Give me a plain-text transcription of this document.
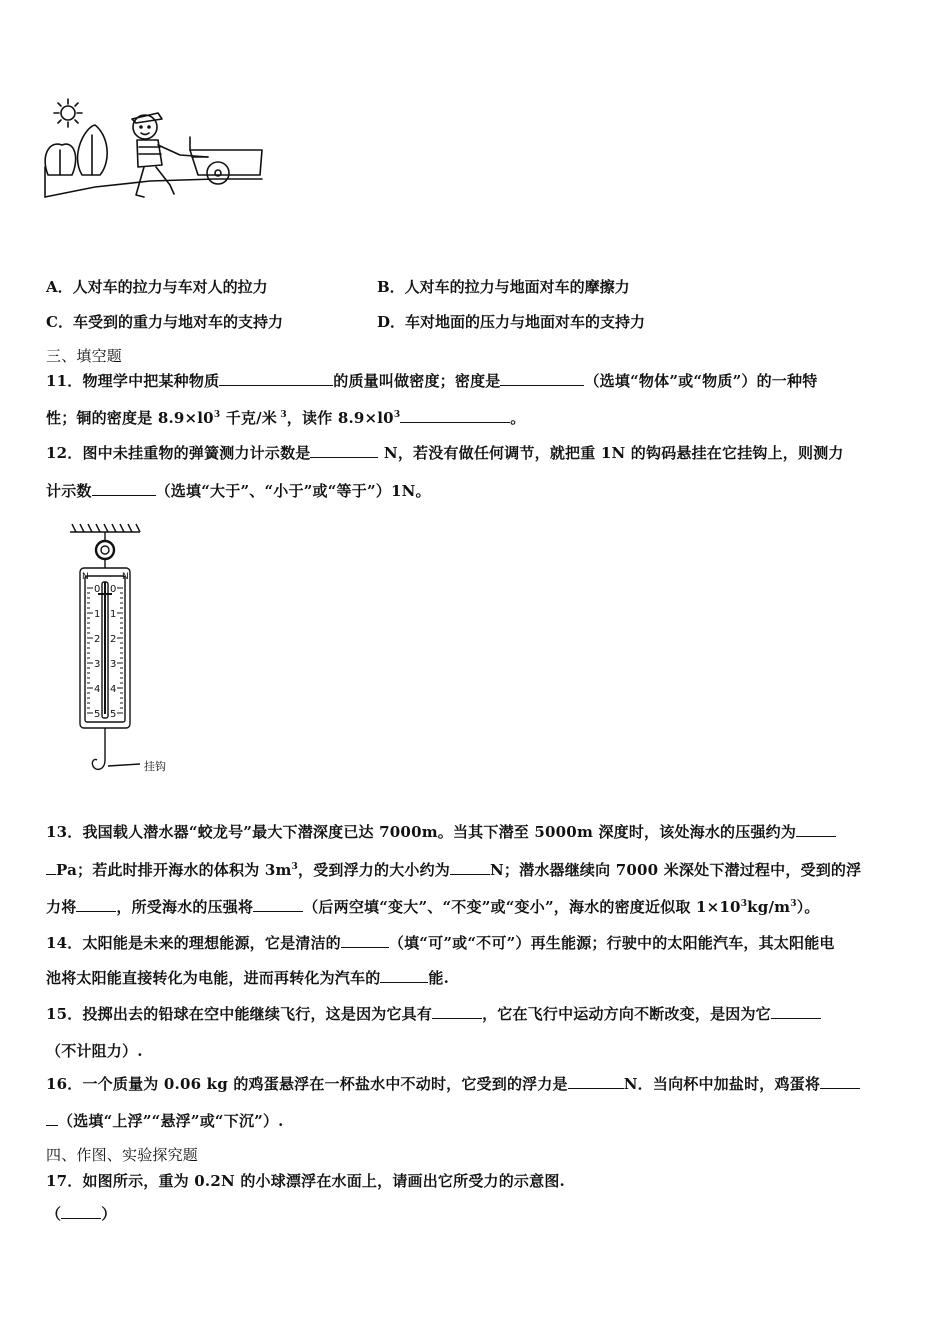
A．人对车的拉力与车对人的拉力	B．人对车的拉力与地面对车的摩擦力
C．车受到的重力与地对车的支持力	D．车对地面的压力与地面对车的支持力
三、填空题
11．物理学中把某种物质	的质量叫做密度；密度是	（选填“物体”或“物质”）的一种特
性；铜的密度是 $8.9\times l0^3$ 千克/米 $^3$，读作 $8.9\times l0^3$	。
12．图中未挂重物的弹簧测力计示数是	N，若没有做任何调节，就把重 1N 的钩码悬挂在它挂钩上，则测力
计示数	（选填“大于”、“小于”或“等于”）1N。
N	N
0
1
2
3
4
5
0
1
2
3
4
5
挂钩
13．我国载人潜水器“蛟龙号”最大下潜深度已达 7000m。当其下潜至 5000m 深度时，该处海水的压强约为
Pa；若此时排开海水的体积为 $3m^3$，受到浮力的大小约为	N；潜水器继续向 7000 米深处下潜过程中，受到的浮
力将	，所受海水的压强将	（后两空填“变大”、“不变”或“变小”，海水的密度近似取 $1\times 10^3kg/m^3$）。
14．太阳能是未来的理想能源，它是清洁的	（填“可”或“不可”）再生能源；行驶中的太阳能汽车，其太阳能电
池将太阳能直接转化为电能，进而再转化为汽车的	能.
15．投掷出去的铅球在空中能继续飞行，这是因为它具有	，它在飞行中运动方向不断改变，是因为它
（不计阻力）.
16．一个质量为 0.06 kg 的鸡蛋悬浮在一杯盐水中不动时，它受到的浮力是	N．当向杯中加盐时，鸡蛋将
（选填“上浮”“悬浮”或“下沉”）.
四、作图、实验探究题
17．如图所示，重为 0.2N 的小球漂浮在水面上，请画出它所受力的示意图.
（	）
